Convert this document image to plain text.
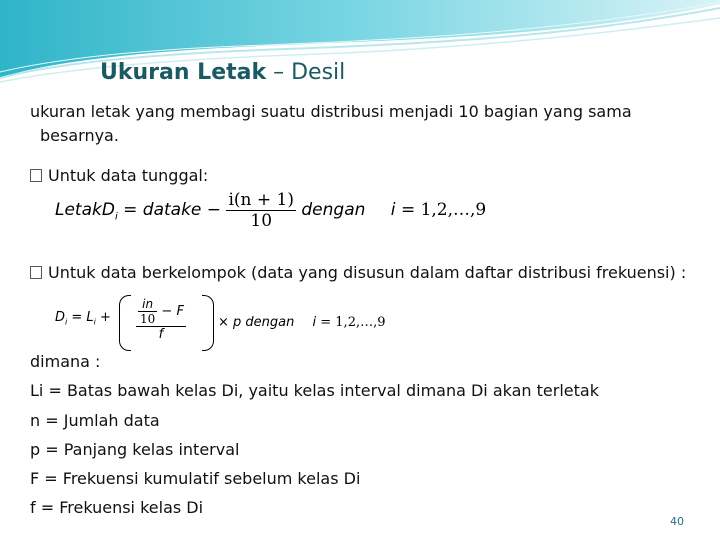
Ukuran Letak – Desil
ukuran letak yang membagi suatu distribusi menjadi 10 bagian yang sama besarnya.
Untuk data tunggal:
LetakD$_i$ = datake − $\frac{i(n + 1)}{10}$ dengan i = 1,2,…,9
Untuk data berkelompok (data yang disusun dalam daftar distribusi frekuensi) :
$D_i = L_i + \frac{in}{10} - F$
f
× p dengan i = 1,2,…,9
dimana :
Li = Batas bawah kelas Di, yaitu kelas interval dimana Di akan terletak
n = Jumlah data
p = Panjang kelas interval
F = Frekuensi kumulatif sebelum kelas Di
f = Frekuensi kelas Di
40
